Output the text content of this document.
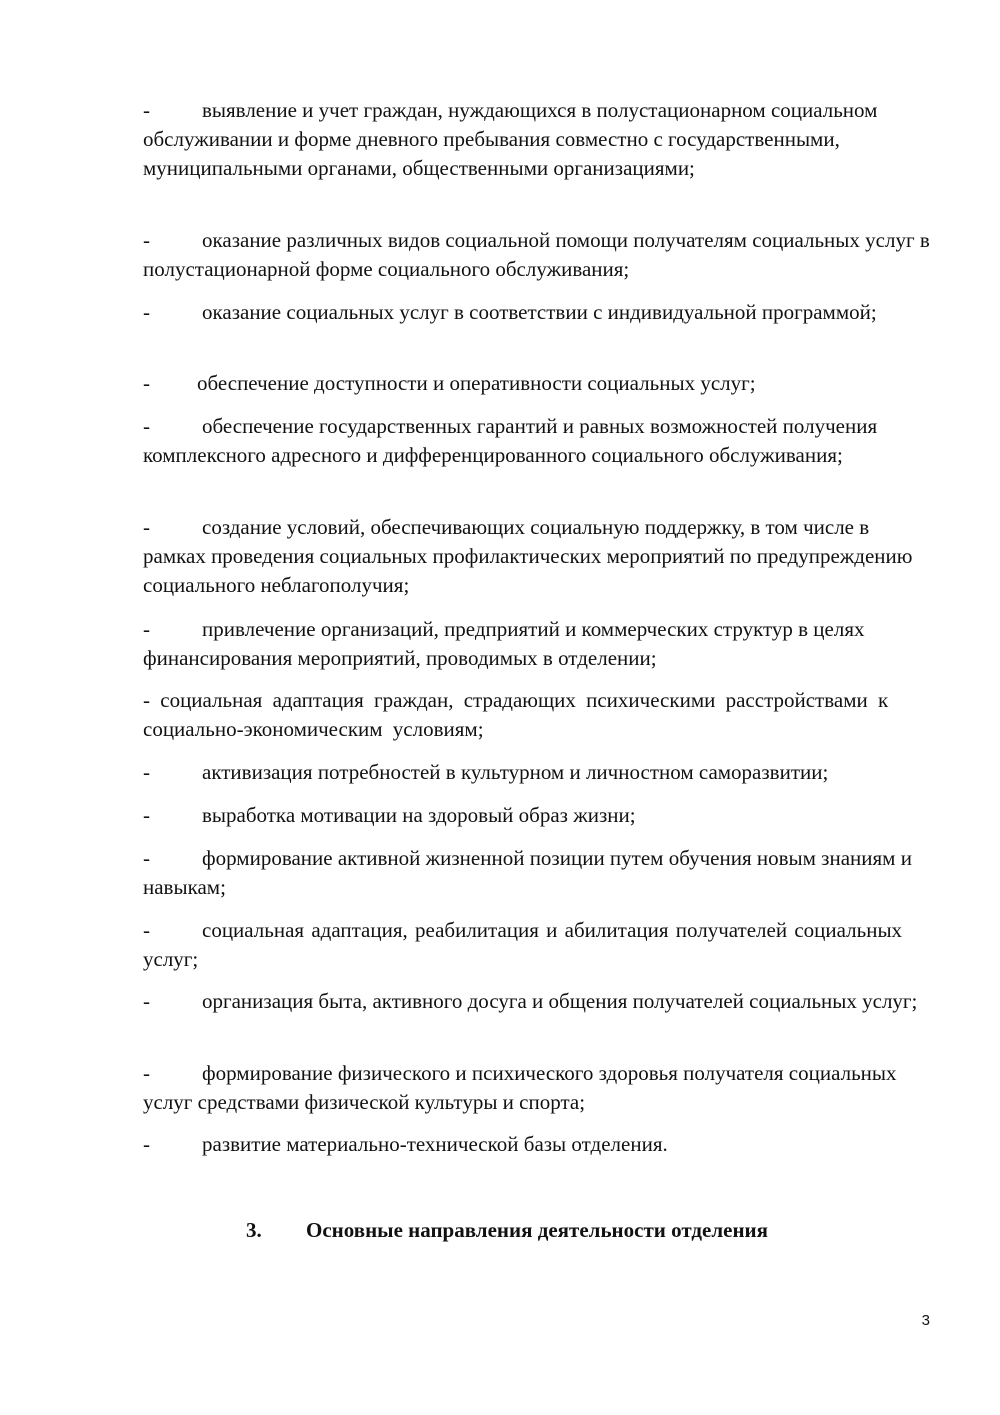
- выявление и учет граждан, нуждающихся в полустационарном социальном обслуживании и форме дневного пребывания совместно с государственными, муниципальными органами, общественными организациями;

- оказание различных видов социальной помощи получателям социальных услуг в полустационарной форме социального обслуживания;

- оказание социальных услуг в соответствии с индивидуальной программой;

- обеспечение доступности и оперативности социальных услуг;

- обеспечение государственных гарантий и равных возможностей получения комплексного адресного и дифференцированного социального обслуживания;

- создание условий, обеспечивающих социальную поддержку, в том числе в рамках проведения социальных профилактических мероприятий по предупреждению социального неблагополучия;

- привлечение организаций, предприятий и коммерческих структур в целях финансирования мероприятий, проводимых в отделении;

- социальная адаптация граждан, страдающих психическими расстройствами к социально-экономическим условиям;

- активизация потребностей в культурном и личностном саморазвитии;

- выработка мотивации на здоровый образ жизни;

- формирование активной жизненной позиции путем обучения новым знаниям и навыкам;

- социальная адаптация, реабилитация и абилитация получателей социальных услуг;

- организация быта, активного досуга и общения получателей социальных услуг;

- формирование физического и психического здоровья получателя социальных услуг средствами физической культуры и спорта;

- развитие материально-технической базы отделения.

3. Основные направления деятельности отделения
3
